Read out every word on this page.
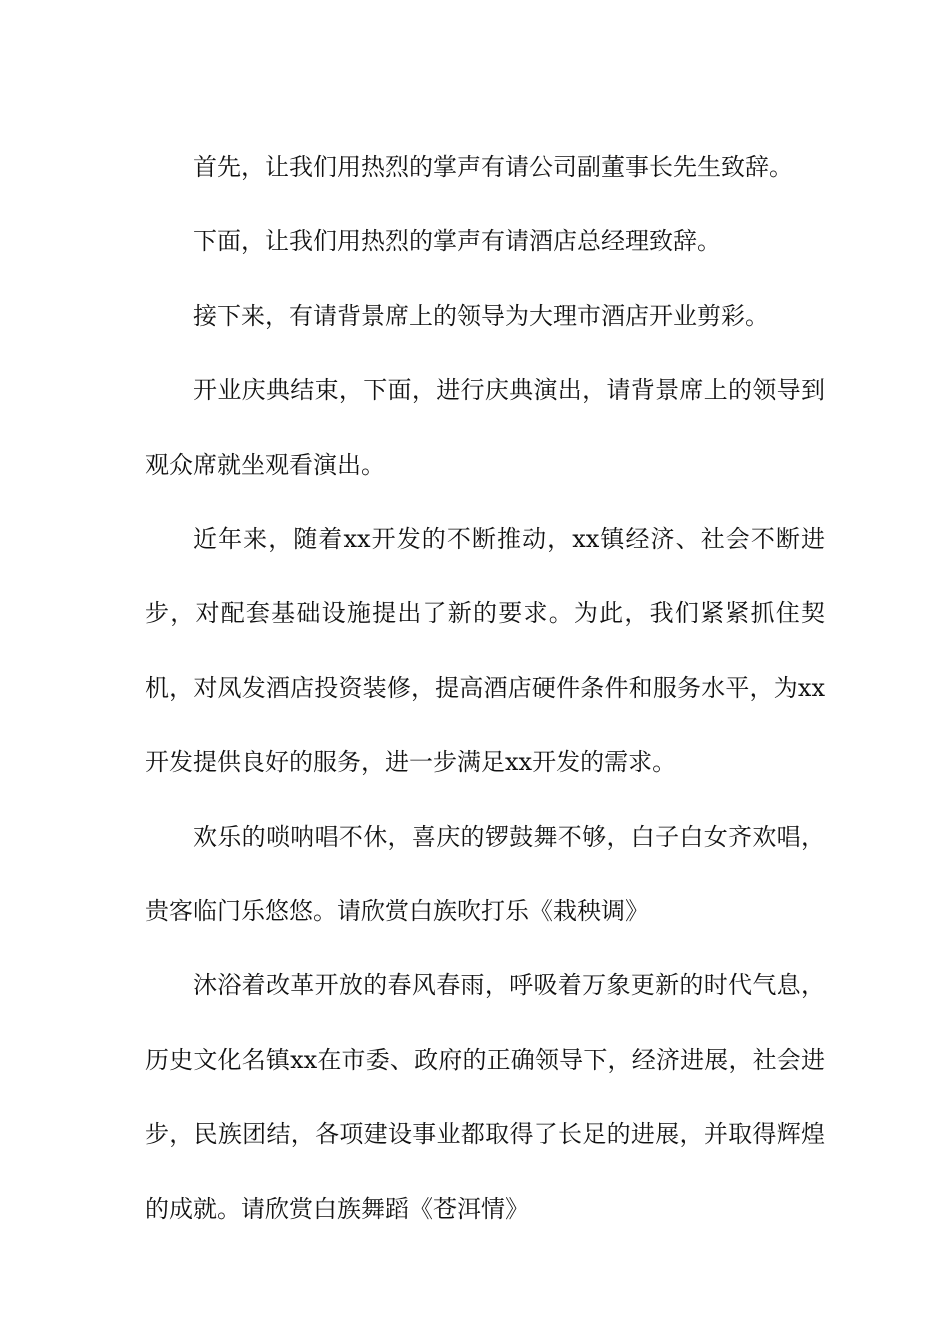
首先，让我们用热烈的掌声有请公司副董事长先生致辞。

下面，让我们用热烈的掌声有请酒店总经理致辞。

接下来，有请背景席上的领导为大理市酒店开业剪彩。

开业庆典结束，下面，进行庆典演出，请背景席上的领导到观众席就坐观看演出。

近年来，随着xx开发的不断推动，xx镇经济、社会不断进步，对配套基础设施提出了新的要求。为此，我们紧紧抓住契机，对凤发酒店投资装修，提高酒店硬件条件和服务水平，为xx开发提供良好的服务，进一步满足xx开发的需求。

欢乐的唢呐唱不休，喜庆的锣鼓舞不够，白子白女齐欢唱，贵客临门乐悠悠。请欣赏白族吹打乐《栽秧调》

沐浴着改革开放的春风春雨，呼吸着万象更新的时代气息，历史文化名镇xx在市委、政府的正确领导下，经济进展，社会进步，民族团结，各项建设事业都取得了长足的进展，并取得辉煌的成就。请欣赏白族舞蹈《苍洱情》
